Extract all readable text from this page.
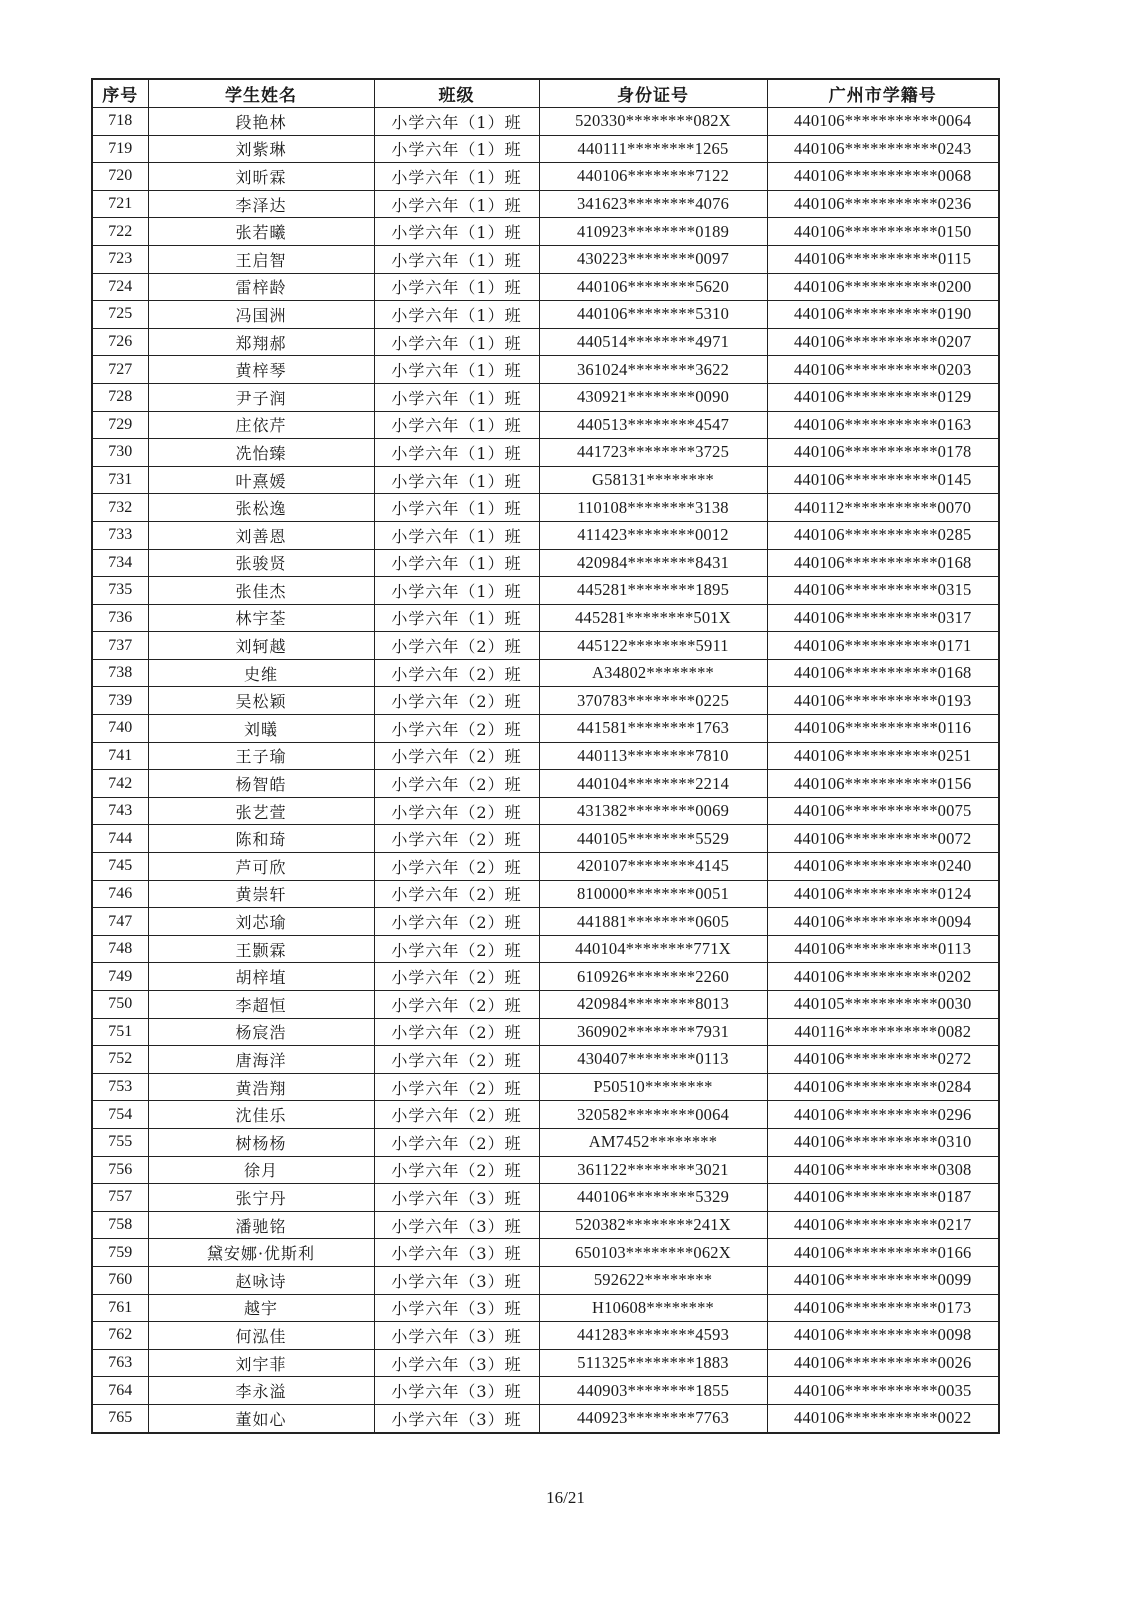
序号	学生姓名	班级	身份证号	广州市学籍号
718	段艳林	小学六年（1）班	520330********082X	440106***********0064
719	刘紫琳	小学六年（1）班	440111********1265	440106***********0243
720	刘昕霖	小学六年（1）班	440106********7122	440106***********0068
721	李泽达	小学六年（1）班	341623********4076	440106***********0236
722	张若曦	小学六年（1）班	410923********0189	440106***********0150
723	王启智	小学六年（1）班	430223********0097	440106***********0115
724	雷梓龄	小学六年（1）班	440106********5620	440106***********0200
725	冯国洲	小学六年（1）班	440106********5310	440106***********0190
726	郑翔郝	小学六年（1）班	440514********4971	440106***********0207
727	黄梓琴	小学六年（1）班	361024********3622	440106***********0203
728	尹子润	小学六年（1）班	430921********0090	440106***********0129
729	庄依芹	小学六年（1）班	440513********4547	440106***********0163
730	冼怡臻	小学六年（1）班	441723********3725	440106***********0178
731	叶熹媛	小学六年（1）班	G58131********	440106***********0145
732	张松逸	小学六年（1）班	110108********3138	440112***********0070
733	刘善恩	小学六年（1）班	411423********0012	440106***********0285
734	张骏贤	小学六年（1）班	420984********8431	440106***********0168
735	张佳杰	小学六年（1）班	445281********1895	440106***********0315
736	林宇荃	小学六年（1）班	445281********501X	440106***********0317
737	刘轲越	小学六年（2）班	445122********5911	440106***********0171
738	史维	小学六年（2）班	A34802********	440106***********0168
739	吴松颖	小学六年（2）班	370783********0225	440106***********0193
740	刘㬢	小学六年（2）班	441581********1763	440106***********0116
741	王子瑜	小学六年（2）班	440113********7810	440106***********0251
742	杨智皓	小学六年（2）班	440104********2214	440106***********0156
743	张艺萱	小学六年（2）班	431382********0069	440106***********0075
744	陈和琦	小学六年（2）班	440105********5529	440106***********0072
745	芦可欣	小学六年（2）班	420107********4145	440106***********0240
746	黄崇轩	小学六年（2）班	810000********0051	440106***********0124
747	刘芯瑜	小学六年（2）班	441881********0605	440106***********0094
748	王颢霖	小学六年（2）班	440104********771X	440106***********0113
749	胡梓埴	小学六年（2）班	610926********2260	440106***********0202
750	李超恒	小学六年（2）班	420984********8013	440105***********0030
751	杨宸浩	小学六年（2）班	360902********7931	440116***********0082
752	唐海洋	小学六年（2）班	430407********0113	440106***********0272
753	黄浩翔	小学六年（2）班	P50510********	440106***********0284
754	沈佳乐	小学六年（2）班	320582********0064	440106***********0296
755	树杨杨	小学六年（2）班	AM7452********	440106***********0310
756	徐月	小学六年（2）班	361122********3021	440106***********0308
757	张宁丹	小学六年（3）班	440106********5329	440106***********0187
758	潘驰铭	小学六年（3）班	520382********241X	440106***********0217
759	黛安娜·优斯利	小学六年（3）班	650103********062X	440106***********0166
760	赵咏诗	小学六年（3）班	592622********	440106***********0099
761	越宇	小学六年（3）班	H10608********	440106***********0173
762	何泓佳	小学六年（3）班	441283********4593	440106***********0098
763	刘宇菲	小学六年（3）班	511325********1883	440106***********0026
764	李永溢	小学六年（3）班	440903********1855	440106***********0035
765	董如心	小学六年（3）班	440923********7763	440106***********0022
16/21
